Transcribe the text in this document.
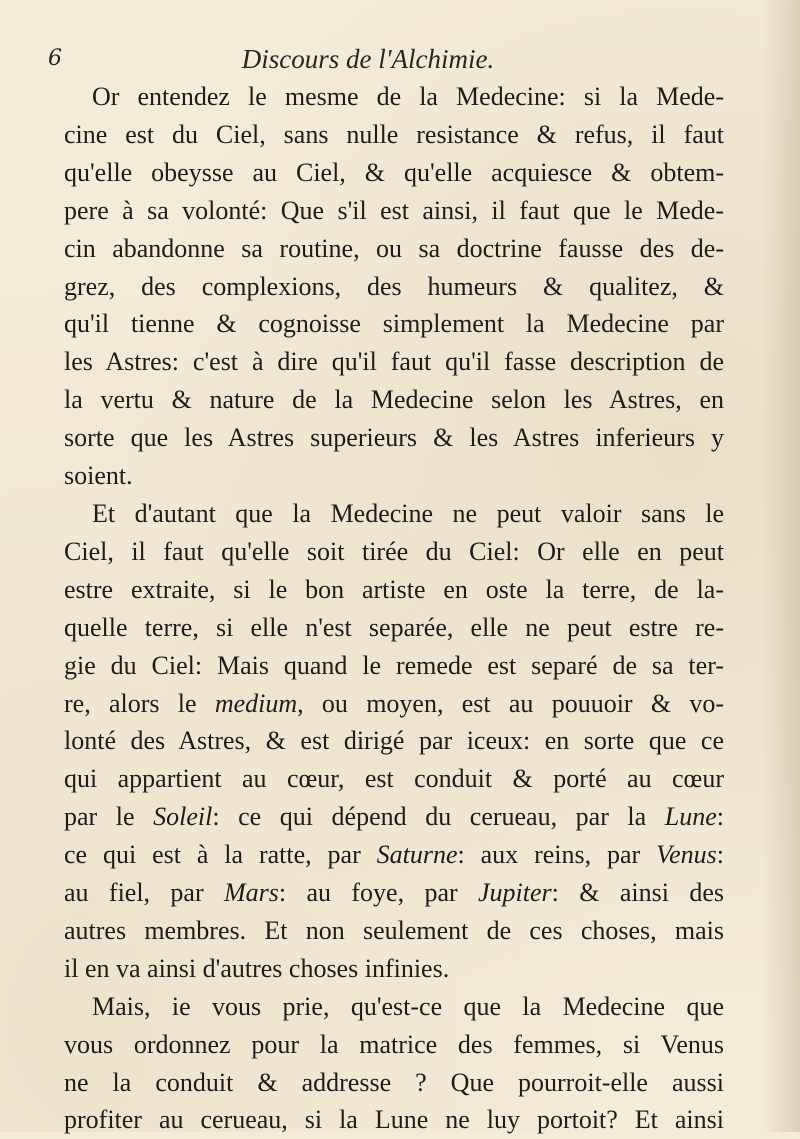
6	Discours de l'Alchimie.
Or entendez le mesme de la Medecine: si la Mede-
cine est du Ciel, sans nulle resistance & refus, il faut
qu'elle obeysse au Ciel, & qu'elle acquiesce & obtem-
pere à sa volonté: Que s'il est ainsi, il faut que le Mede-
cin abandonne sa routine, ou sa doctrine fausse des de-
grez, des complexions, des humeurs & qualitez, &
qu'il tienne & cognoisse simplement la Medecine par
les Astres: c'est à dire qu'il faut qu'il fasse description de
la vertu & nature de la Medecine selon les Astres, en
sorte que les Astres superieurs & les Astres inferieurs y
soient.
Et d'autant que la Medecine ne peut valoir sans le
Ciel, il faut qu'elle soit tirée du Ciel: Or elle en peut
estre extraite, si le bon artiste en oste la terre, de la-
quelle terre, si elle n'est separée, elle ne peut estre re-
gie du Ciel: Mais quand le remede est separé de sa ter-
re, alors le medium, ou moyen, est au pouuoir & vo-
lonté des Astres, & est dirigé par iceux: en sorte que ce
qui appartient au cœur, est conduit & porté au cœur
par le Soleil: ce qui dépend du cerueau, par la Lune:
ce qui est à la ratte, par Saturne: aux reins, par Venus:
au fiel, par Mars: au foye, par Jupiter: & ainsi des
autres membres. Et non seulement de ces choses, mais
il en va ainsi d'autres choses infinies.
Mais, ie vous prie, qu'est-ce que la Medecine que
vous ordonnez pour la matrice des femmes, si Venus
ne la conduit & addresse ? Que pourroit-elle aussi
profiter au cerueau, si la Lune ne luy portoit? Et ainsi
